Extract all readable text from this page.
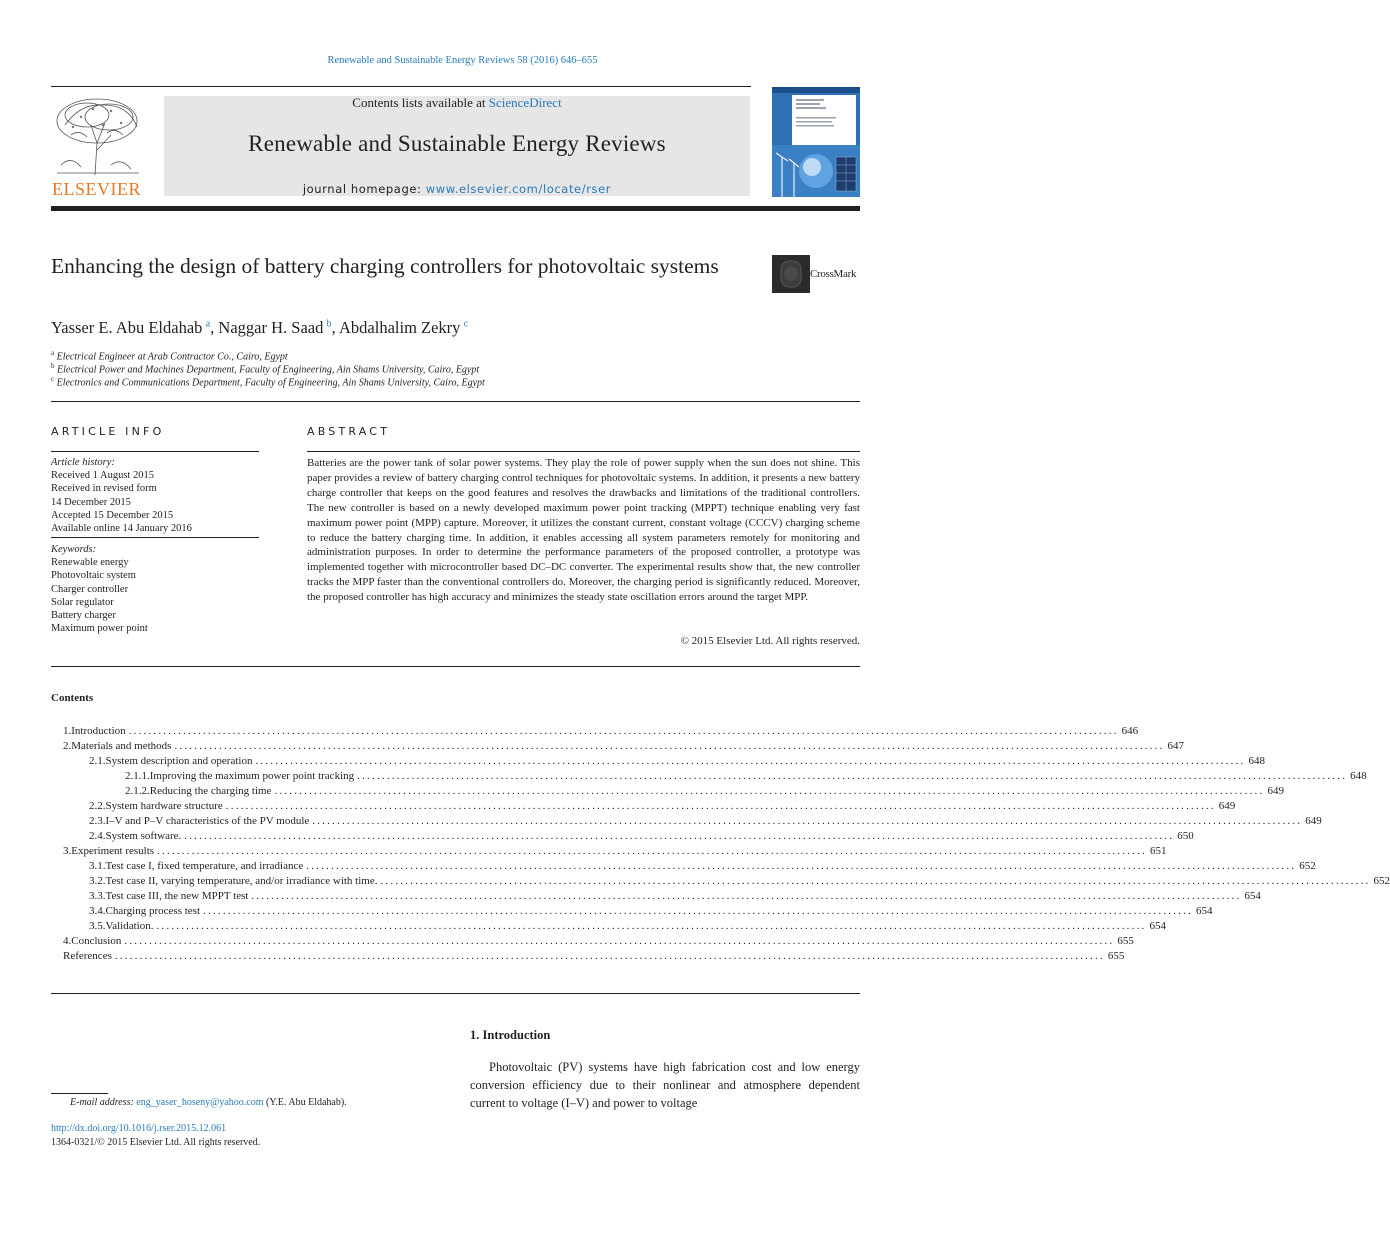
Renewable and Sustainable Energy Reviews 58 (2016) 646–655
ELSEVIER
Contents lists available at ScienceDirect
Renewable and Sustainable Energy Reviews
journal homepage: www.elsevier.com/locate/rser
Enhancing the design of battery charging controllers for photovoltaic systems	CrossMark
Yasser E. Abu Eldahab  $^a$, Naggar H. Saad  $^b$, Abdalhalim Zekry  $^c$
$^a$ Electrical Engineer at Arab Contractor Co., Cairo, Egypt
$^b$ Electrical Power and Machines Department, Faculty of Engineering, Ain Shams University, Cairo, Egypt
$^c$ Electronics and Communications Department, Faculty of Engineering, Ain Shams University, Cairo, Egypt
ARTICLE INFO
Article history:
Received 1 August 2015
Received in revised form
14 December 2015
Accepted 15 December 2015
Available online 14 January 2016
Keywords:
Renewable energy
Photovoltaic system
Charger controller
Solar regulator
Battery charger
Maximum power point
ABSTRACT
Batteries are the power tank of solar power systems. They play the role of power supply when the sun does not shine. This paper provides a review of battery charging control techniques for photovoltaic systems. In addition, it presents a new battery charge controller that keeps on the good features and resolves the drawbacks and limitations of the traditional controllers. The new controller is based on a newly developed maximum power point tracking (MPPT) technique enabling very fast maximum power point (MPP) capture. Moreover, it utilizes the constant current, constant voltage (CCCV) charging scheme to reduce the battery charging time. In addition, it enables accessing all system parameters remotely for monitoring and administration purposes. In order to determine the performance parameters of the proposed controller, a prototype was implemented together with microcontroller based DC–DC converter. The experimental results show that, the new controller tracks the MPP faster than the conventional controllers do. Moreover, the charging period is significantly reduced. Moreover, the proposed controller has high accuracy and minimizes the steady state oscillation errors around the target MPP.
© 2015 Elsevier Ltd. All rights reserved.
Contents
1. Introduction ........................................................................................................................................................................................................ 646
2. Materials and methods ........................................................................................................................................................................................................ 647
2.1. System description and operation ........................................................................................................................................................................................................ 648
2.1.1. Improving the maximum power point tracking ........................................................................................................................................................................................................ 648
2.1.2. Reducing the charging time ........................................................................................................................................................................................................ 649
2.2. System hardware structure ........................................................................................................................................................................................................ 649
2.3. I–V and P–V characteristics of the PV module ........................................................................................................................................................................................................ 649
2.4. System software. ........................................................................................................................................................................................................ 650
3. Experiment results ........................................................................................................................................................................................................ 651
3.1. Test case I, fixed temperature, and irradiance ........................................................................................................................................................................................................ 652
3.2. Test case II, varying temperature, and/or irradiance with time. ........................................................................................................................................................................................................ 652
3.3. Test case III, the new MPPT test ........................................................................................................................................................................................................ 654
3.4. Charging process test ........................................................................................................................................................................................................ 654
3.5. Validation. ........................................................................................................................................................................................................ 654
4. Conclusion ........................................................................................................................................................................................................ 655
References ........................................................................................................................................................................................................ 655
1. Introduction
Photovoltaic (PV) systems have high fabrication cost and low energy conversion efficiency due to their nonlinear and atmosphere dependent current to voltage (I–V) and power to voltage
E-mail address: eng_yaser_hoseny@yahoo.com (Y.E. Abu Eldahab).
http://dx.doi.org/10.1016/j.rser.2015.12.061
1364-0321/© 2015 Elsevier Ltd. All rights reserved.
